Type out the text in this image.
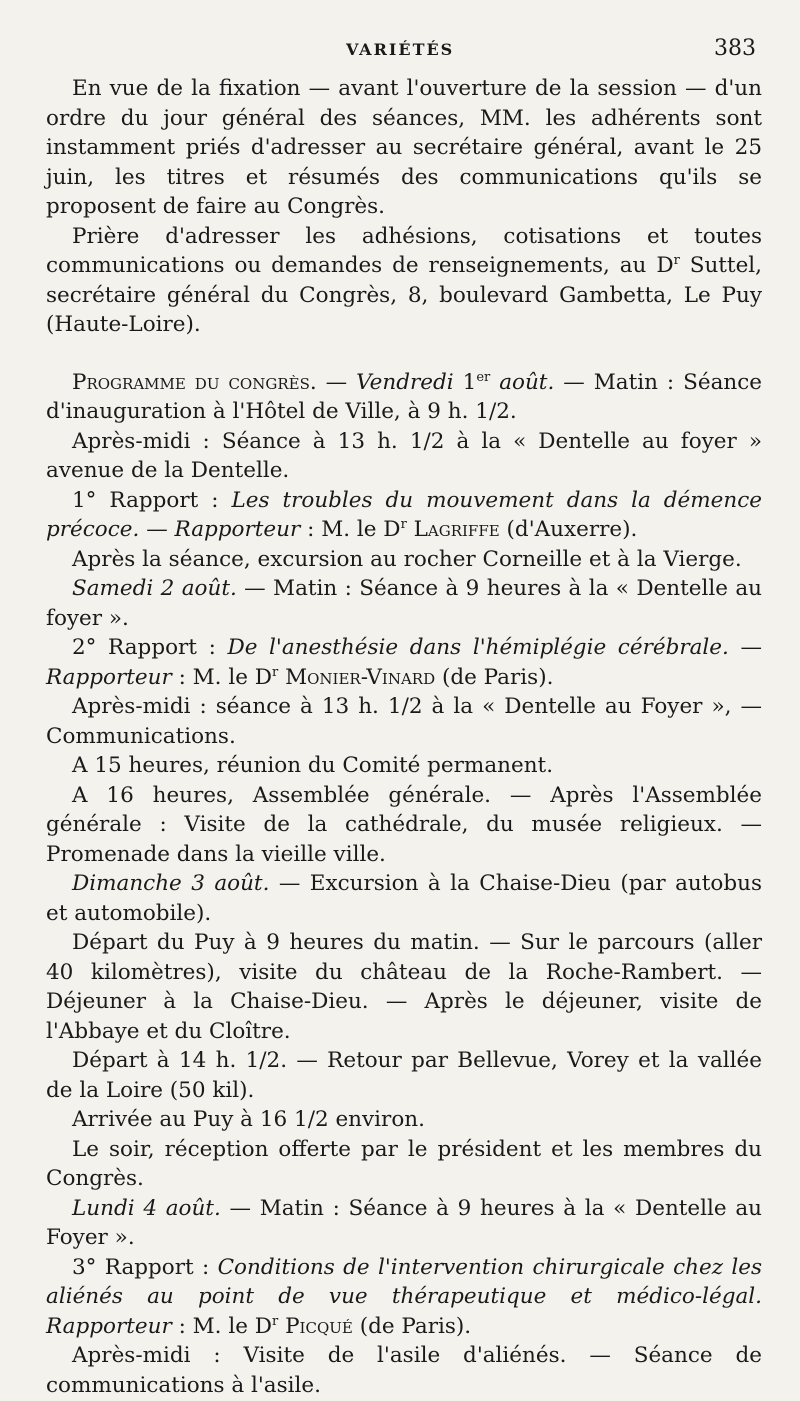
VARIÉTÉS	383

En vue de la fixation — avant l'ouverture de la session — d'un ordre du jour général des séances, MM. les adhérents sont instamment priés d'adresser au secrétaire général, avant le 25 juin, les titres et résumés des communications qu'ils se proposent de faire au Congrès.

Prière d'adresser les adhésions, cotisations et toutes communications ou demandes de renseignements, au $D^r$ Suttel, secrétaire général du Congrès, 8, boulevard Gambetta, Le Puy (Haute-Loire).

Programme du congrès. — Vendredi 1er août. — Matin : Séance d'inauguration à l'Hôtel de Ville, à 9 h. 1/2.

Après-midi : Séance à 13 h. 1/2 à la « Dentelle au foyer » avenue de la Dentelle.

1° Rapport : Les troubles du mouvement dans la démence précoce. — Rapporteur : M. le $D^r$ Lagriffe (d'Auxerre).

Après la séance, excursion au rocher Corneille et à la Vierge.

Samedi 2 août. — Matin : Séance à 9 heures à la « Dentelle au foyer ».

2° Rapport : De l'anesthésie dans l'hémiplégie cérébrale. — Rapporteur : M. le $D^r$ Monier-Vinard (de Paris).

Après-midi : séance à 13 h. 1/2 à la « Dentelle au Foyer », — Communications.

A 15 heures, réunion du Comité permanent.

A 16 heures, Assemblée générale. — Après l'Assemblée générale : Visite de la cathédrale, du musée religieux. — Promenade dans la vieille ville.

Dimanche 3 août. — Excursion à la Chaise-Dieu (par autobus et automobile).

Départ du Puy à 9 heures du matin. — Sur le parcours (aller 40 kilomètres), visite du château de la Roche-Rambert. — Déjeuner à la Chaise-Dieu. — Après le déjeuner, visite de l'Abbaye et du Cloître.

Départ à 14 h. 1/2. — Retour par Bellevue, Vorey et la vallée de la Loire (50 kil).

Arrivée au Puy à 16 1/2 environ.

Le soir, réception offerte par le président et les membres du Congrès.

Lundi 4 août. — Matin : Séance à 9 heures à la « Dentelle au Foyer ».

3° Rapport : Conditions de l'intervention chirurgicale chez les aliénés au point de vue thérapeutique et médico-légal. Rapporteur : M. le $D^r$ Picqué (de Paris).

Après-midi : Visite de l'asile d'aliénés. — Séance de communications à l'asile.
